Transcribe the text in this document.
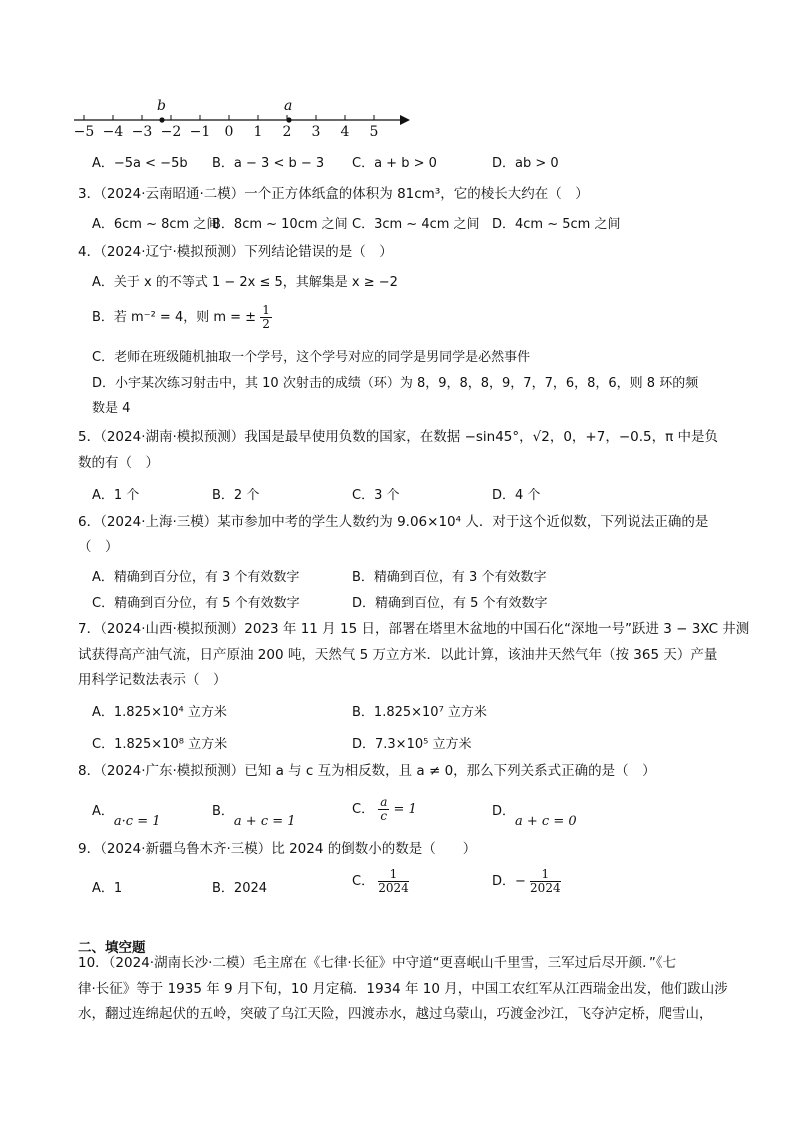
−5 −4 −3 −2 −1 0 1 2 3 4 5
b	a
A．−5a < −5b B．a − 3 < b − 3 C．a + b > 0	D．ab > 0
3．（2024·云南昭通·二模）一个正方体纸盒的体积为 81cm³，它的棱长大约在（　）
A．6cm ~ 8cm 之间
B．8cm ~ 10cm 之间 C．3cm ~ 4cm 之间 D．4cm ~ 5cm 之间
4．（2024·辽宁·模拟预测）下列结论错误的是（　）
A．关于 x 的不等式 1 − 2x ≤ 5，其解集是 x ≥ −2
B．若 m⁻² = 4，则 m = ± $\frac{1}{2}$
C．老师在班级随机抽取一个学号，这个学号对应的同学是男同学是必然事件
D．小宇某次练习射击中，其 10 次射击的成绩（环）为 8，9，8，8，9，7，7，6，8，6，则 8 环的频
数是 4
5．（2024·湖南·模拟预测）我国是最早使用负数的国家，在数据 −sin45°，√2，0，+7，−0.5，π 中是负
数的有（　）
A．1 个	B．2 个	C．3 个	D．4 个
6．（2024·上海·三模）某市参加中考的学生人数约为 9.06×10⁴ 人．对于这个近似数，下列说法正确的是
（　）
A．精确到百分位，有 3 个有效数字	B．精确到百位，有 3 个有效数字
C．精确到百分位，有 5 个有效数字	D．精确到百位，有 5 个有效数字
7．（2024·山西·模拟预测）2023 年 11 月 15 日，部署在塔里木盆地的中国石化“深地一号”跃进 3 − 3XC 井测
试获得高产油气流，日产原油 200 吨，天然气 5 万立方米．以此计算，该油井天然气年（按 365 天）产量
用科学记数法表示（　）
A．1.825×10⁴ 立方米	B．1.825×10⁷ 立方米
C．1.825×10⁸ 立方米	D．7.3×10⁵ 立方米
8．（2024·广东·模拟预测）已知 a 与 c 互为相反数，且 a ≠ 0，那么下列关系式正确的是（　）
A．a·c = 1
B．a + c = 1
C． $\frac{a}{c} = 1$	D．a + c = 0
9．（2024·新疆乌鲁木齐·三模）比 2024 的倒数小的数是（　　）
A．1	B．2024	C． $\frac{1}{2024}$	D．− $\frac{1}{2024}$
二、填空题
10．（2024·湖南长沙·二模）毛主席在《七律·长征》中守道“更喜岷山千里雪，三军过后尽开颜．”《七
律·长征》等于 1935 年 9 月下旬，10 月定稿．1934 年 10 月，中国工农红军从江西瑞金出发，他们跋山涉
水，翻过连绵起伏的五岭，突破了乌江天险，四渡赤水，越过乌蒙山，巧渡金沙江，飞夺泸定桥，爬雪山，
